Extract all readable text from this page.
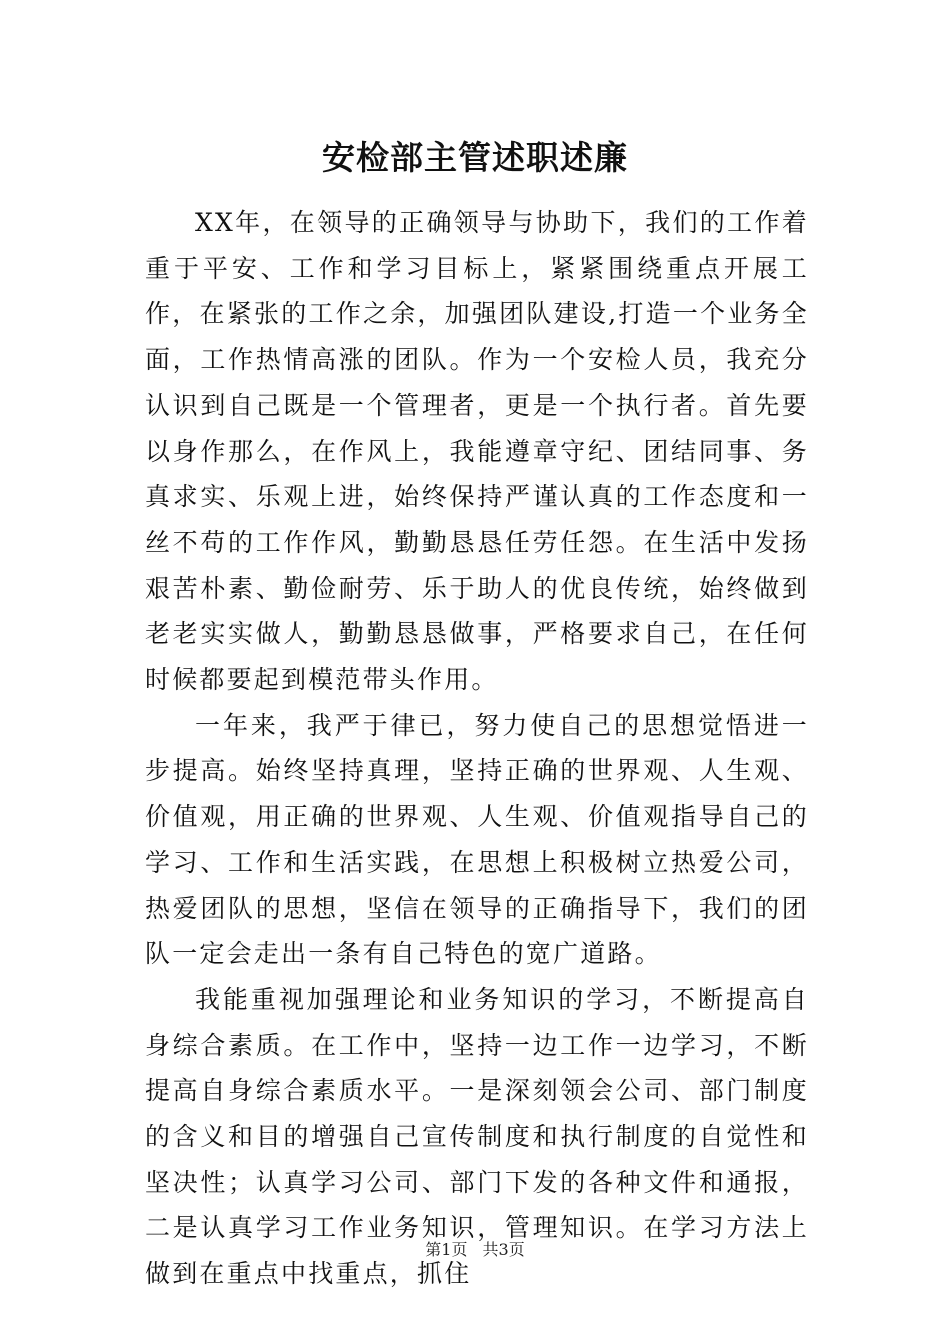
安检部主管述职述廉

XX年，在领导的正确领导与协助下，我们的工作着重于平安、工作和学习目标上，紧紧围绕重点开展工作，在紧张的工作之余，加强团队建设,打造一个业务全面，工作热情高涨的团队。作为一个安检人员，我充分认识到自己既是一个管理者，更是一个执行者。首先要以身作那么，在作风上，我能遵章守纪、团结同事、务真求实、乐观上进，始终保持严谨认真的工作态度和一丝不苟的工作作风，勤勤恳恳任劳任怨。在生活中发扬艰苦朴素、勤俭耐劳、乐于助人的优良传统，始终做到老老实实做人，勤勤恳恳做事，严格要求自己，在任何时候都要起到模范带头作用。

一年来，我严于律已，努力使自己的思想觉悟进一步提高。始终坚持真理，坚持正确的世界观、人生观、价值观，用正确的世界观、人生观、价值观指导自己的学习、工作和生活实践，在思想上积极树立热爱公司，热爱团队的思想，坚信在领导的正确指导下，我们的团队一定会走出一条有自己特色的宽广道路。

我能重视加强理论和业务知识的学习，不断提高自身综合素质。在工作中，坚持一边工作一边学习，不断提高自身综合素质水平。一是深刻领会公司、部门制度的含义和目的增强自己宣传制度和执行制度的自觉性和坚决性；认真学习公司、部门下发的各种文件和通报，二是认真学习工作业务知识，管理知识。在学习方法上做到在重点中找重点，抓住

第1页 共3页
